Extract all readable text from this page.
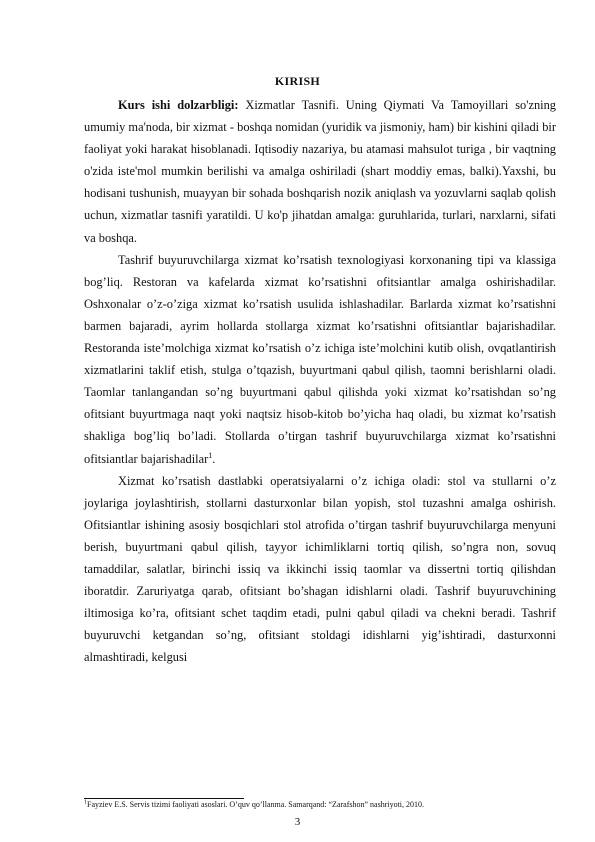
KIRISH

Kurs ishi dolzarbligi: Xizmatlar Tasnifi. Uning Qiymati Va Tamoyillari so'zning umumiy ma'noda, bir xizmat - boshqa nomidan (yuridik va jismoniy, ham) bir kishini qiladi bir faoliyat yoki harakat hisoblanadi. Iqtisodiy nazariya, bu atamasi mahsulot turiga , bir vaqtning o'zida iste'mol mumkin berilishi va amalga oshiriladi (shart moddiy emas, balki).Yaxshi, bu hodisani tushunish, muayyan bir sohada boshqarish nozik aniqlash va yozuvlarni saqlab qolish uchun, xizmatlar tasnifi yaratildi. U ko'p jihatdan amalga: guruhlarida, turlari, narxlarni, sifati va boshqa.

Tashrif buyuruvchilarga xizmat ko’rsatish texnologiyasi korxonaning tipi va klassiga bog’liq. Restoran va kafelarda xizmat ko’rsatishni ofitsiantlar amalga oshirishadilar. Oshxonalar o’z-o’ziga xizmat ko’rsatish usulida ishlashadilar. Barlarda xizmat ko’rsatishni barmen bajaradi, ayrim hollarda stollarga xizmat ko’rsatishni ofitsiantlar bajarishadilar. Restoranda iste’molchiga xizmat ko’rsatish o’z ichiga iste’molchini kutib olish, ovqatlantirish xizmatlarini taklif etish, stulga o’tqazish, buyurtmani qabul qilish, taomni berishlarni oladi. Taomlar tanlangandan so’ng buyurtmani qabul qilishda yoki xizmat ko’rsatishdan so’ng ofitsiant buyurtmaga naqt yoki naqtsiz hisob-kitob bo’yicha haq oladi, bu xizmat ko’rsatish shakliga bog’liq bo’ladi. Stollarda o’tirgan tashrif buyuruvchilarga xizmat ko’rsatishni ofitsiantlar bajarishadilar$^1$.

Xizmat ko’rsatish dastlabki operatsiyalarni o’z ichiga oladi: stol va stullarni o’z joylariga joylashtirish, stollarni dasturxonlar bilan yopish, stol tuzashni amalga oshirish. Ofitsiantlar ishining asosiy bosqichlari stol atrofida o’tirgan tashrif buyuruvchilarga menyuni berish, buyurtmani qabul qilish, tayyor ichimliklarni tortiq qilish, so’ngra non, sovuq tamaddilar, salatlar, birinchi issiq va ikkinchi issiq taomlar va dissertni tortiq qilishdan iboratdir. Zaruriyatga qarab, ofitsiant bo’shagan idishlarni oladi. Tashrif buyuruvchining iltimosiga ko’ra, ofitsiant schet taqdim etadi, pulni qabul qiladi va chekni beradi. Tashrif buyuruvchi ketgandan so’ng, ofitsiant stoldagi idishlarni yig’ishtiradi, dasturxonni almashtiradi, kelgusi

$^1$Fayziev E.S. Servis tizimi faoliyati asoslari. O’quv qo’llanma. Samarqand: “Zarafshon” nashriyoti, 2010.
3
